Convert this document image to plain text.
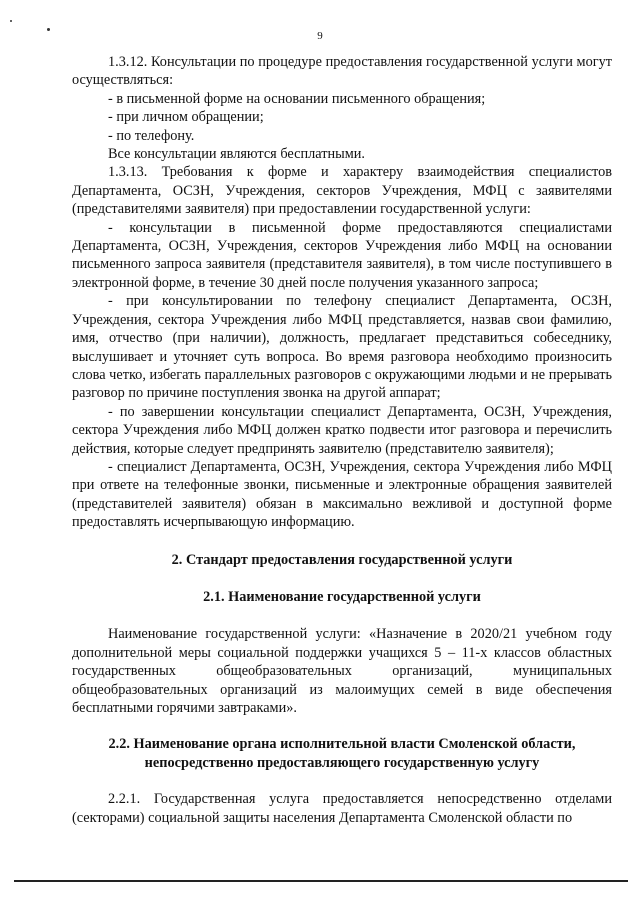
9

1.3.12. Консультации по процедуре предоставления государственной услуги могут осуществляться:

- в письменной форме на основании письменного обращения;

- при личном обращении;

- по телефону.

Все консультации являются бесплатными.

1.3.13. Требования к форме и характеру взаимодействия специалистов Департамента, ОСЗН, Учреждения, секторов Учреждения, МФЦ с заявителями (представителями заявителя) при предоставлении государственной услуги:

- консультации в письменной форме предоставляются специалистами Департамента, ОСЗН, Учреждения, секторов Учреждения либо МФЦ на основании письменного запроса заявителя (представителя заявителя), в том числе поступившего в электронной форме, в течение 30 дней после получения указанного запроса;

- при консультировании по телефону специалист Департамента, ОСЗН, Учреждения, сектора Учреждения либо МФЦ представляется, назвав свои фамилию, имя, отчество (при наличии), должность, предлагает представиться собеседнику, выслушивает и уточняет суть вопроса. Во время разговора необходимо произносить слова четко, избегать параллельных разговоров с окружающими людьми и не прерывать разговор по причине поступления звонка на другой аппарат;

- по завершении консультации специалист Департамента, ОСЗН, Учреждения, сектора Учреждения либо МФЦ должен кратко подвести итог разговора и перечислить действия, которые следует предпринять заявителю (представителю заявителя);

- специалист Департамента, ОСЗН, Учреждения, сектора Учреждения либо МФЦ при ответе на телефонные звонки, письменные и электронные обращения заявителей (представителей заявителя) обязан в максимально вежливой и доступной форме предоставлять исчерпывающую информацию.

2. Стандарт предоставления государственной услуги

2.1. Наименование государственной услуги

Наименование государственной услуги: «Назначение в 2020/21 учебном году дополнительной меры социальной поддержки учащихся 5 – 11-х классов областных государственных общеобразовательных организаций, муниципальных общеобразовательных организаций из малоимущих семей в виде обеспечения бесплатными горячими завтраками».

2.2. Наименование органа исполнительной власти Смоленской области,
непосредственно предоставляющего государственную услугу

2.2.1. Государственная услуга предоставляется непосредственно отделами (секторами) социальной защиты населения Департамента Смоленской области по
